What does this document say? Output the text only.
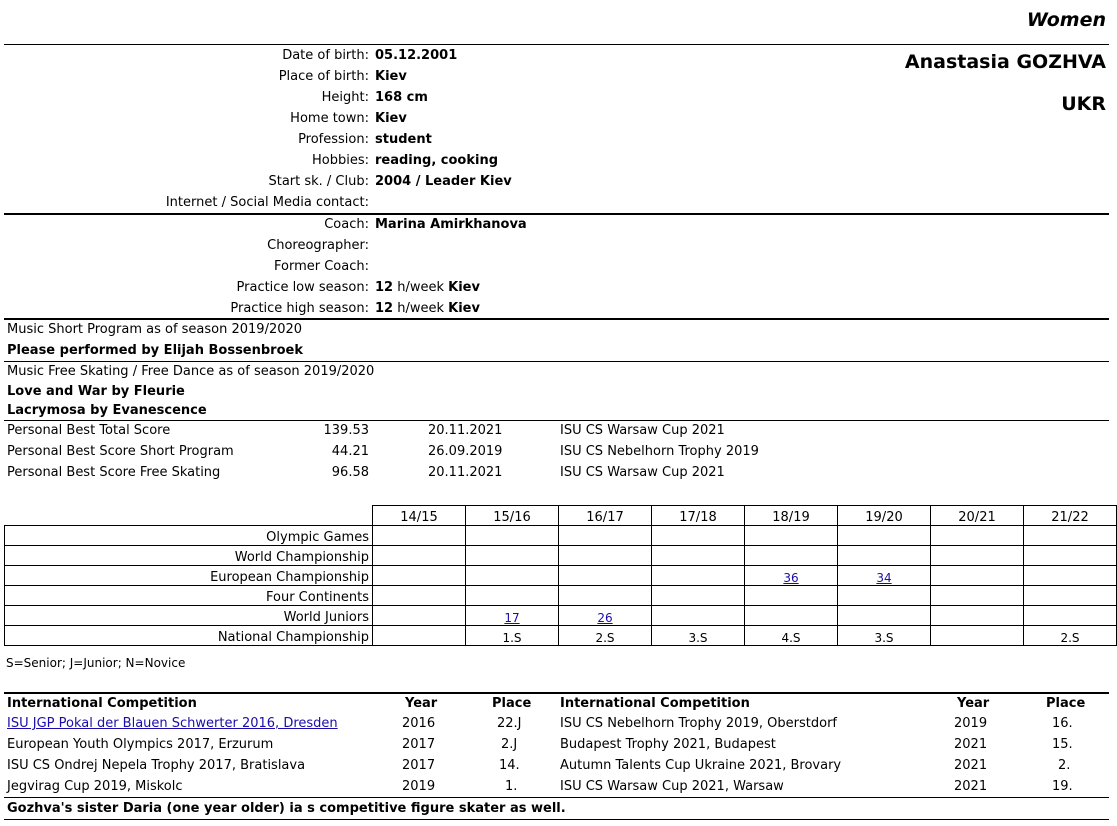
Women
Anastasia GOZHVA
UKR
Date of birth: 05.12.2001
Place of birth: Kiev
Height: 168 cm
Home town: Kiev
Profession: student
Hobbies: reading, cooking
Start sk. / Club: 2004 / Leader Kiev
Internet / Social Media contact:
Coach: Marina Amirkhanova
Choreographer:
Former Coach:
Practice low season: 12 h/week Kiev
Practice high season: 12 h/week Kiev
Music Short Program as of season 2019/2020
Please performed by Elijah Bossenbroek
Music Free Skating / Free Dance as of season 2019/2020
Love and War by Fleurie
Lacrymosa by Evanescence
Personal Best Total Score	139.53	20.11.2021	ISU CS Warsaw Cup 2021
Personal Best Score Short Program	44.21	26.09.2019	ISU CS Nebelhorn Trophy 2019
Personal Best Score Free Skating	96.58	20.11.2021	ISU CS Warsaw Cup 2021
	14/15	15/16	16/17	17/18	18/19	19/20	20/21	21/22
Olympic Games								
World Championship								
European Championship					36	34		
Four Continents								
World Juniors		17	26					
National Championship		1.S	2.S	3.S	4.S	3.S		2.S
S=Senior; J=Junior; N=Novice
International Competition	Year	Place International Competition	Year	Place
ISU JGP Pokal der Blauen Schwerter 2016, Dresden	2016	22.J
European Youth Olympics 2017, Erzurum	2017	2.J
ISU CS Ondrej Nepela Trophy 2017, Bratislava	2017	14.
Jegvirag Cup 2019, Miskolc	2019	1.
ISU CS Nebelhorn Trophy 2019, Oberstdorf	2019	16.
Budapest Trophy 2021, Budapest	2021	15.
Autumn Talents Cup Ukraine 2021, Brovary	2021	2.
ISU CS Warsaw Cup 2021, Warsaw	2021	19.
Gozhva's sister Daria (one year older) ia s competitive figure skater as well.
